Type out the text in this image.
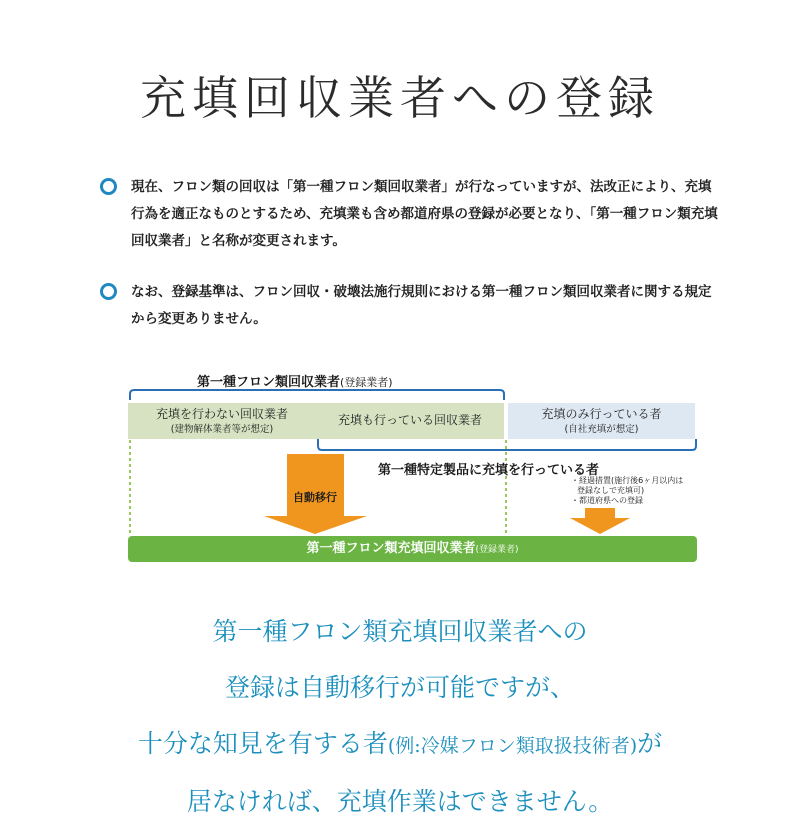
充填回収業者への登録
現在、フロン類の回収は「第一種フロン類回収業者」が行なっていますが、法改正により、充填行為を適正なものとするため、充填業も含め都道府県の登録が必要となり、「第一種フロン類充填回収業者」と名称が変更されます。
なお、登録基準は、フロン回収・破壊法施行規則における第一種フロン類回収業者に関する規定から変更ありません。
第一種フロン類回収業者(登録業者)
充填を行わない回収業者
(建物解体業者等が想定)
充填も行っている回収業者	充填のみ行っている者
(自社充填が想定)
第一種特定製品に充填を行っている者
自動移行
・経過措置(施行後6ヶ月以内は
登録なしで充填可)
・都道府県への登録
第一種フロン類充填回収業者(登録業者)
第一種フロン類充填回収業者への
登録は自動移行が可能ですが、
十分な知見を有する者(例:冷媒フロン類取扱技術者)が
居なければ、充填作業はできません。
